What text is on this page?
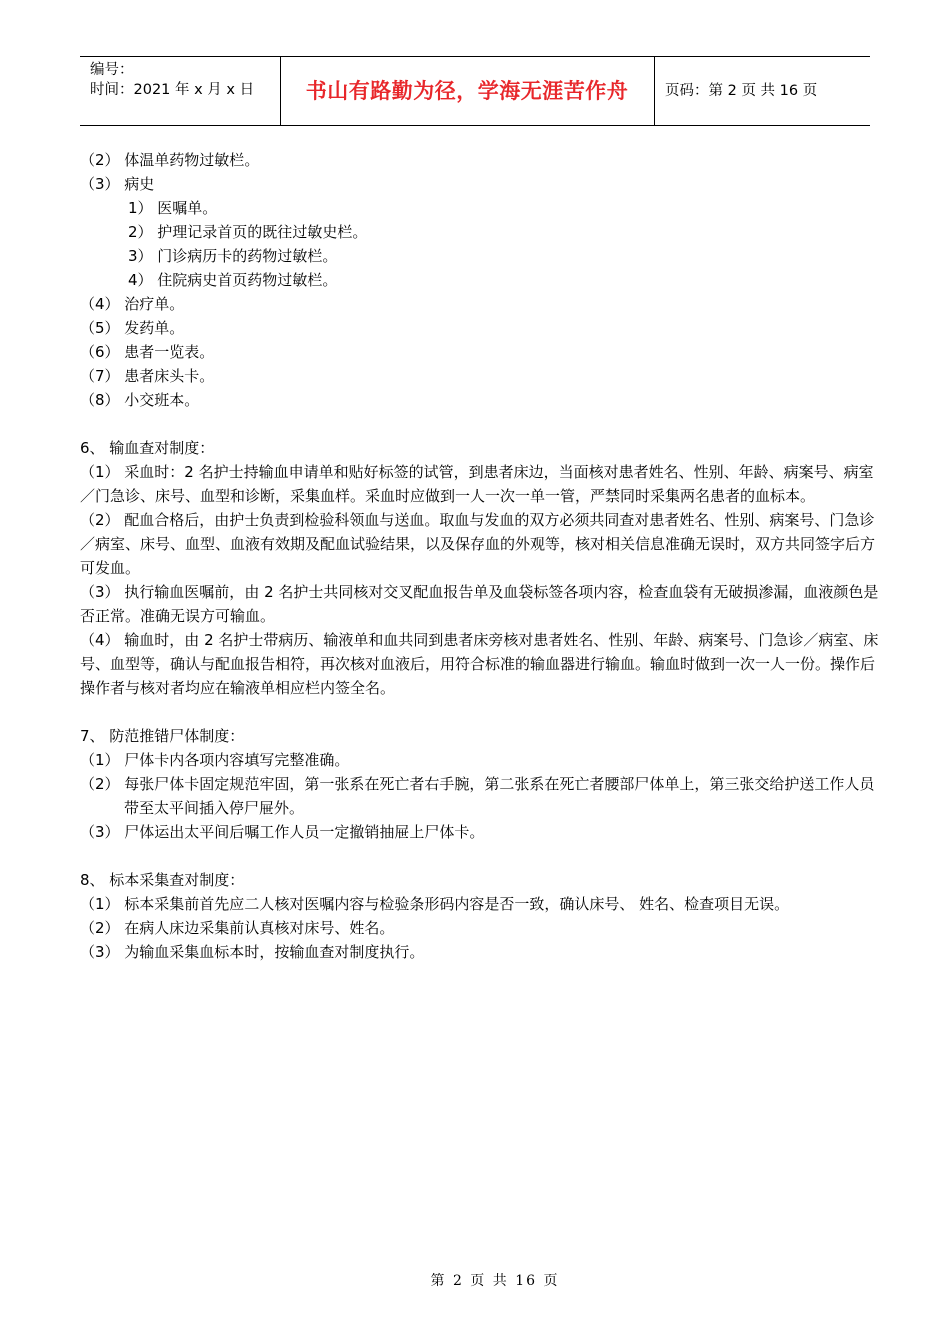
编号：
时间：2021 年 x 月 x 日	书山有路勤为径，学海无涯苦作舟	页码：第 2 页 共 16 页
（2） 体温单药物过敏栏。
（3） 病史
1） 医嘱单。
2） 护理记录首页的既往过敏史栏。
3） 门诊病历卡的药物过敏栏。
4） 住院病史首页药物过敏栏。
（4） 治疗单。
（5） 发药单。
（6） 患者一览表。
（7） 患者床头卡。
（8） 小交班本。
6、 输血查对制度：
（1） 采血时：2 名护士持输血申请单和贴好标签的试管，到患者床边，当面核对患者姓名、性别、年龄、病案号、病室／门急诊、床号、血型和诊断，采集血样。采血时应做到一人一次一单一管，严禁同时采集两名患者的血标本。
（2） 配血合格后，由护士负责到检验科领血与送血。取血与发血的双方必须共同查对患者姓名、性别、病案号、门急诊／病室、床号、血型、血液有效期及配血试验结果，以及保存血的外观等，核对相关信息准确无误时，双方共同签字后方可发血。
（3） 执行输血医嘱前，由 2 名护士共同核对交叉配血报告单及血袋标签各项内容，检查血袋有无破损渗漏，血液颜色是否正常。准确无误方可输血。
（4） 输血时，由 2 名护士带病历、输液单和血共同到患者床旁核对患者姓名、性别、年龄、病案号、门急诊／病室、床号、血型等，确认与配血报告相符，再次核对血液后，用符合标准的输血器进行输血。输血时做到一次一人一份。操作后操作者与核对者均应在输液单相应栏内签全名。
7、 防范推错尸体制度：
（1） 尸体卡内各项内容填写完整准确。
（2） 每张尸体卡固定规范牢固，第一张系在死亡者右手腕，第二张系在死亡者腰部尸体单上，第三张交给护送工作人员带至太平间插入停尸屉外。
（3） 尸体运出太平间后嘱工作人员一定撤销抽屉上尸体卡。
8、 标本采集查对制度：
（1） 标本采集前首先应二人核对医嘱内容与检验条形码内容是否一致，确认床号、 姓名、检查项目无误。
（2） 在病人床边采集前认真核对床号、姓名。
（3） 为输血采集血标本时，按输血查对制度执行。
第 2 页 共 16 页
